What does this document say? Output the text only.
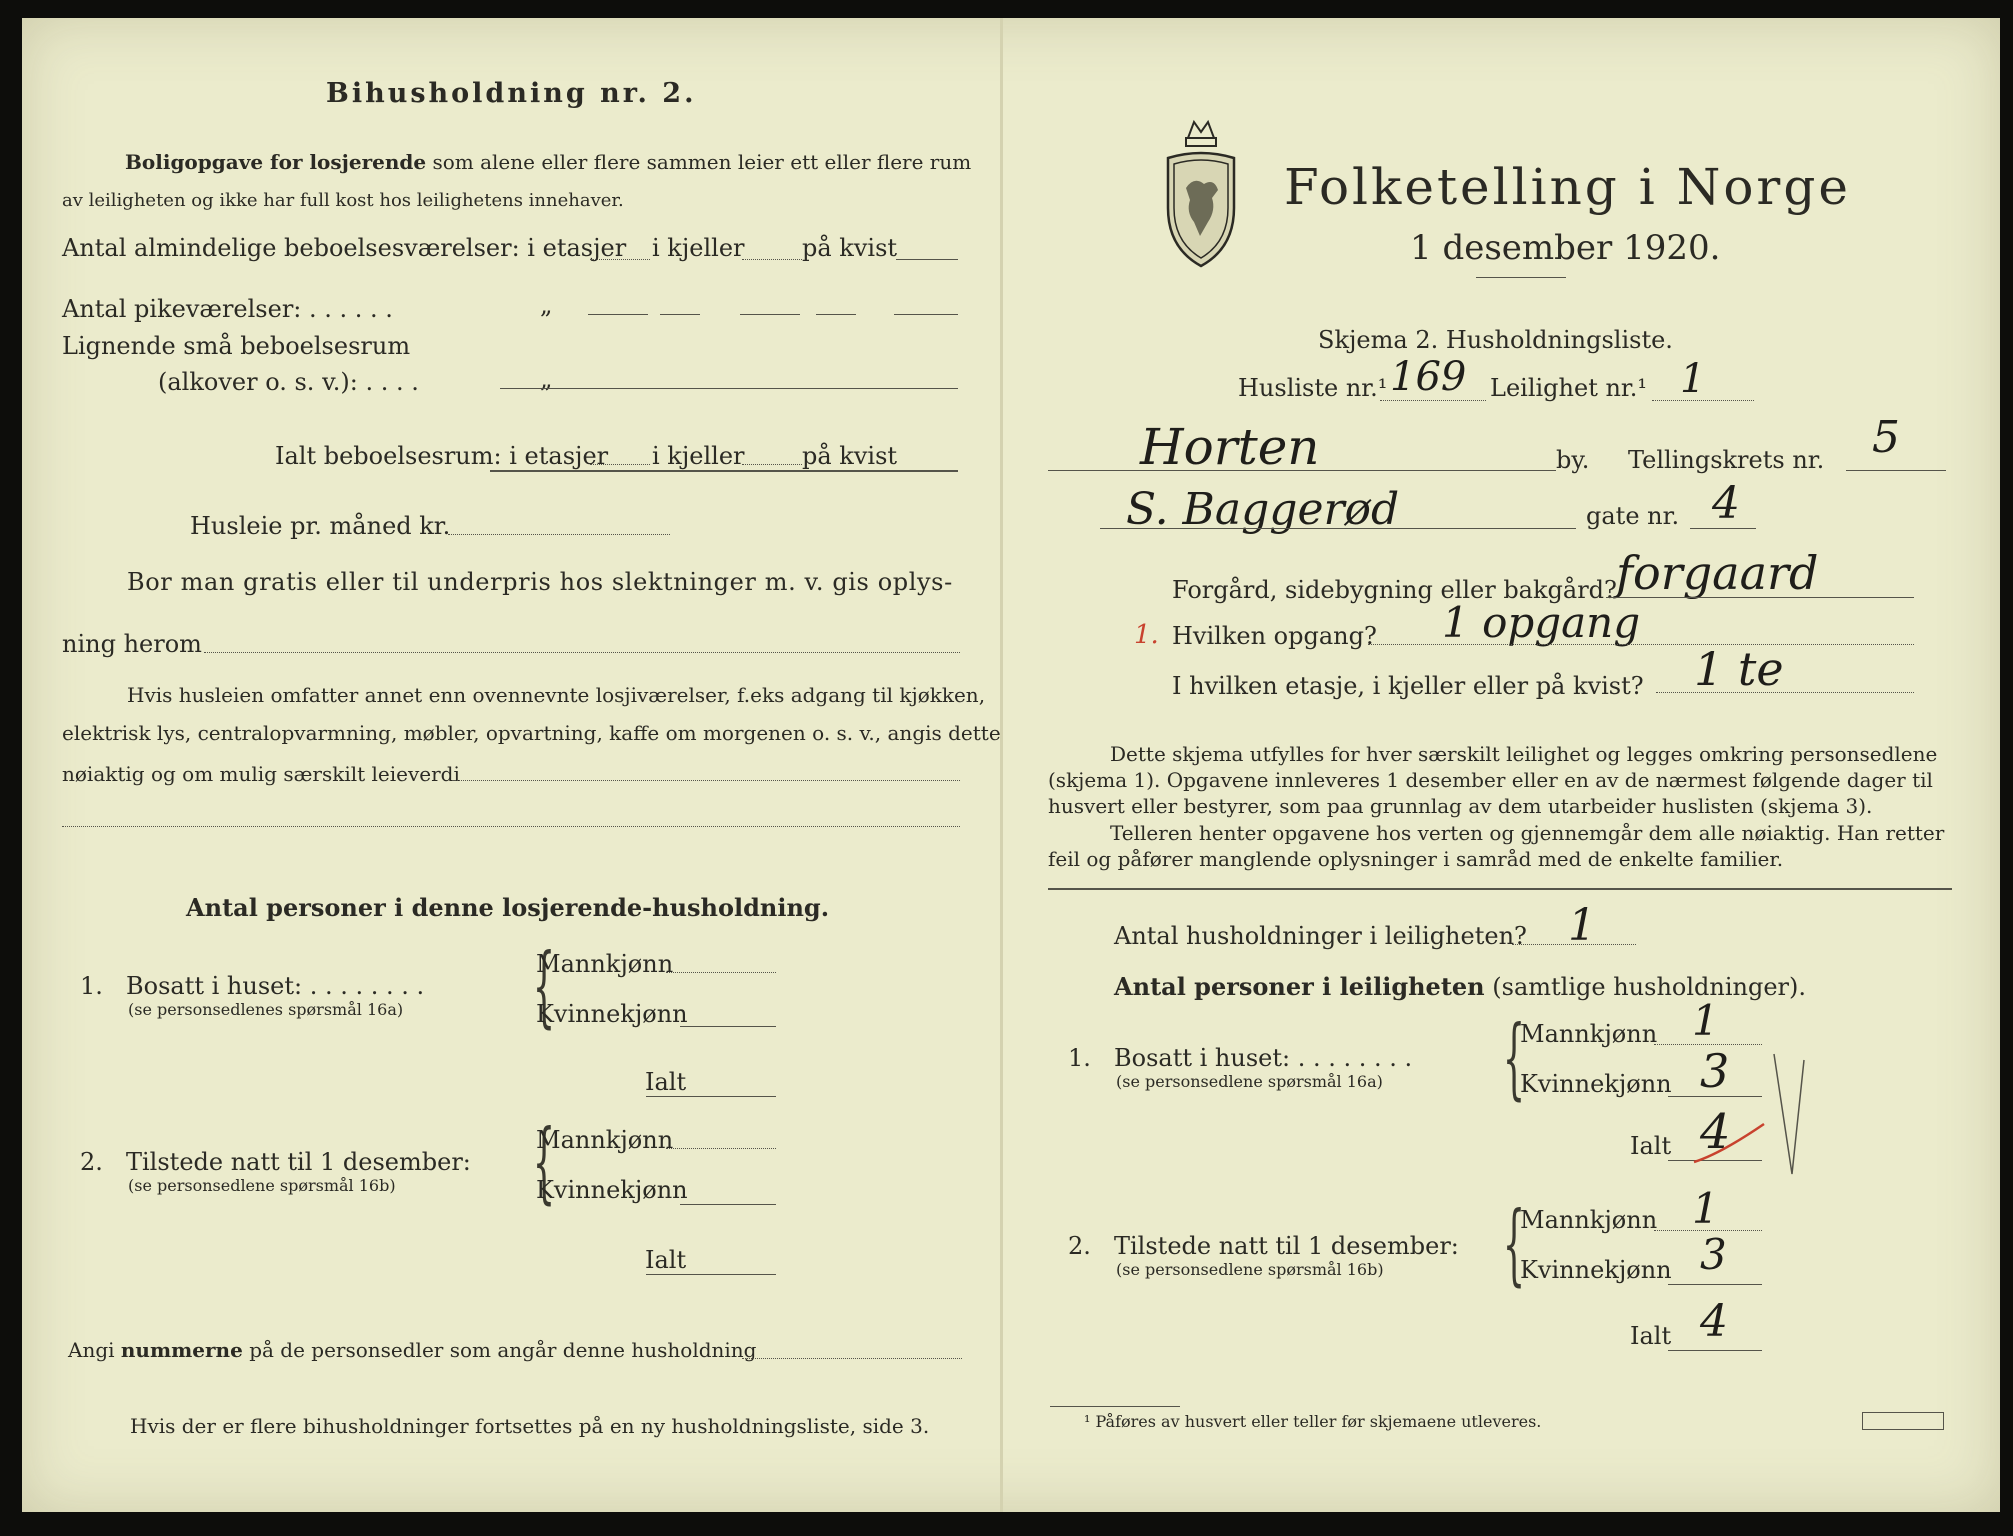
Bihusholdning nr. 2.
Boligopgave for losjerende som alene eller flere sammen leier ett eller flere rum
av leiligheten og ikke har full kost hos leilighetens innehaver.
Antal almindelige beboelsesværelser: i etasjer i kjeller på kvist
Antal pikeværelser: . . . . . .	„
Lignende små beboelsesrum
(alkover o. s. v.): . . . .	„
Ialt beboelsesrum: i etasjer i kjeller på kvist
Husleie pr. måned kr.
Bor man gratis eller til underpris hos slektninger m. v. gis oplys-
ning herom
Hvis husleien omfatter annet enn ovennevnte losjiværelser, f.eks adgang til kjøkken,
elektrisk lys, centralopvarmning, møbler, opvartning, kaffe om morgenen o. s. v., angis dette
nøiaktig og om mulig særskilt leieverdi
Antal personer i denne losjerende-husholdning.
1. Bosatt i huset: . . . . . . . .
(se personsedlenes spørsmål 16a) {
Mannkjønn
Kvinnekjønn
Ialt
2. Tilstede natt til 1 desember:
(se personsedlene spørsmål 16b) {
Mannkjønn
Kvinnekjønn
Ialt
Angi nummerne på de personsedler som angår denne husholdning
Hvis der er flere bihusholdninger fortsettes på en ny husholdningsliste, side 3.
Folketelling i Norge
1 desember 1920.
Skjema 2. Husholdningsliste.
Husliste nr.¹ 169 Leilighet nr.¹ 1
Horten	by. Tellingskrets nr. 5
S. Baggerød	gate nr. 4
Forgård, sidebygning eller bakgård? forgaard
1. Hvilken opgang? 1 opgang
I hvilken etasje, i kjeller eller på kvist? 1 te
Dette skjema utfylles for hver særskilt leilighet og legges omkring personsedlene
(skjema 1). Opgavene innleveres 1 desember eller en av de nærmest følgende dager til
husvert eller bestyrer, som paa grunnlag av dem utarbeider huslisten (skjema 3).
Telleren henter opgavene hos verten og gjennemgår dem alle nøiaktig. Han retter
feil og påfører manglende oplysninger i samråd med de enkelte familier.
Antal husholdninger i leiligheten? 1
Antal personer i leiligheten (samtlige husholdninger).
1. Bosatt i huset: . . . . . . . .
(se personsedlene spørsmål 16a) {
Mannkjønn 1
Kvinnekjønn 3
Ialt 4
2. Tilstede natt til 1 desember:
(se personsedlene spørsmål 16b) {
Mannkjønn 1
Kvinnekjønn 3
Ialt 4
¹ Påføres av husvert eller teller før skjemaene utleveres.
